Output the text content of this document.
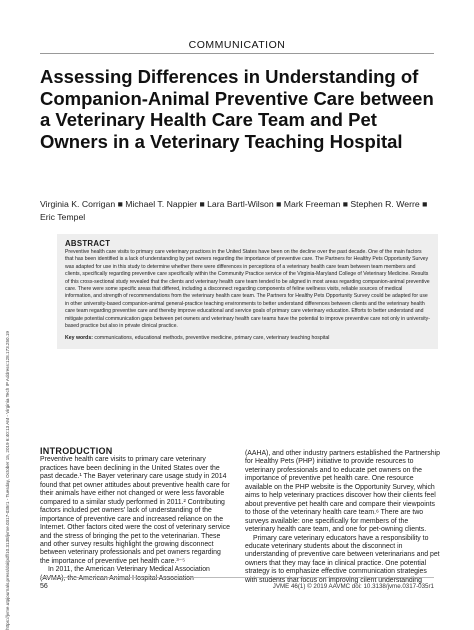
https://jvme.utpjournals.press/doi/pdf/10.3138/jvme.0317-035r1 - Tuesday, October 15, 2019 6:40:13 AM - Virginia Tech IP Address:128.173.250.19
COMMUNICATION
Assessing Differences in Understanding of Companion-Animal Preventive Care between a Veterinary Health Care Team and Pet Owners in a Veterinary Teaching Hospital
Virginia K. Corrigan ■ Michael T. Nappier ■ Lara Bartl-Wilson ■ Mark Freeman ■ Stephen R. Werre ■ Eric Tempel
ABSTRACT

Preventive health care visits to primary care veterinary practices in the United States have been on the decline over the past decade. One of the main factors that has been identified is a lack of understanding by pet owners regarding the importance of preventive care. The Partners for Healthy Pets Opportunity Survey was adapted for use in this study to determine whether there were differences in perceptions of a veterinary health care team between team members and clients, specifically regarding preventive care specifically within the Community Practice service of the Virginia-Maryland College of Veterinary Medicine. Results of this cross-sectional study revealed that the clients and veterinary health care team tended to be aligned in most areas regarding companion-animal preventive care. There were some specific areas that differed, including a disconnect regarding components of feline wellness visits, reliable sources of medical information, and strength of recommendations from the veterinary health care team. The Partners for Healthy Pets Opportunity Survey could be adapted for use in other university-based companion-animal general-practice teaching environments to better understand differences between clients and the veterinary health care team regarding preventive care and thereby improve educational and service goals of primary care veterinary education. Efforts to better understand and mitigate potential communication gaps between pet owners and veterinary health care teams have the potential to improve preventive care not only in university-based practice but also in private clinical practice.

Key words: communications, educational methods, preventive medicine, primary care, veterinary teaching hospital

INTRODUCTION

Preventive health care visits to primary care veterinary practices have been declining in the United States over the past decade.¹ The Bayer veterinary care usage study in 2014 found that pet owner attitudes about preventive health care for their animals have either not changed or were less favorable compared to a similar study performed in 2011.² Contributing factors included pet owners' lack of understanding of the importance of preventive care and increased reliance on the Internet. Other factors cited were the cost of veterinary service and the stress of bringing the pet to the veterinarian. These and other survey results highlight the growing disconnect between veterinary professionals and pet owners regarding the importance of preventive pet health care.³⁻⁵

In 2011, the American Veterinary Medical Association (AVMA), the American Animal Hospital Association

(AAHA), and other industry partners established the Partnership for Healthy Pets (PHP) initiative to provide resources to veterinary professionals and to educate pet owners on the importance of preventive pet health care. One resource available on the PHP website is the Opportunity Survey, which aims to help veterinary practices discover how their clients feel about preventive pet health care and compare their viewpoints to those of the veterinary health care team.⁶ There are two surveys available: one specifically for members of the veterinary health care team, and one for pet-owning clients.

Primary care veterinary educators have a responsibility to educate veterinary students about the disconnect in understanding of preventive care between veterinarians and pet owners that they may face in clinical practice. One potential strategy is to emphasize effective communication strategies with students that focus on improving client understanding

56	JVME 46(1) © 2019 AAVMC doi: 10.3138/jvme.0317-035r1
